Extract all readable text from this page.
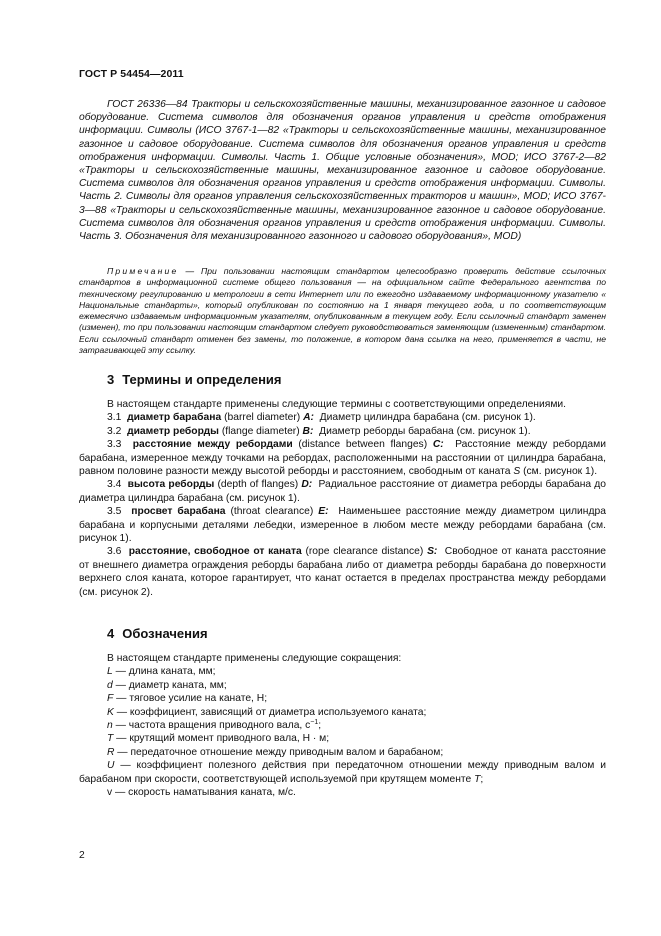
ГОСТ Р 54454—2011
ГОСТ 26336—84 Тракторы и сельскохозяйственные машины, механизированное газонное и садовое оборудование. Система символов для обозначения органов управления и средств отображения информации. Символы (ИСО 3767-1—82 «Тракторы и сельскохозяйственные машины, механизированное газонное и садовое оборудование. Система символов для обозначения органов управления и средств отображения информации. Символы. Часть 1. Общие условные обозначения», MOD; ИСО 3767-2—82 «Тракторы и сельскохозяйственные машины, механизированное газонное и садовое оборудование. Система символов для обозначения органов управления и средств отображения информации. Символы. Часть 2. Символы для органов управления сельскохозяйственных тракторов и машин», MOD; ИСО 3767-3—88 «Тракторы и сельскохозяйственные машины, механизированное газонное и садовое оборудование. Система символов для обозначения органов управления и средств отображения информации. Символы. Часть 3. Обозначения для механизированного газонного и садового оборудования», MOD)
Примечание — При пользовании настоящим стандартом целесообразно проверить действие ссылочных стандартов в информационной системе общего пользования — на официальном сайте Федерального агентства по техническому регулированию и метрологии в сети Интернет или по ежегодно издаваемому информационному указателю « Национальные стандарты», который опубликован по состоянию на 1 января текущего года, и по соответствующим ежемесячно издаваемым информационным указателям, опубликованным в текущем году. Если ссылочный стандарт заменен (изменен), то при пользовании настоящим стандартом следует руководствоваться заменяющим (измененным) стандартом. Если ссылочный стандарт отменен без замены, то положение, в котором дана ссылка на него, применяется в части, не затрагивающей эту ссылку.
3 Термины и определения

В настоящем стандарте применены следующие термины с соответствующими определениями.

3.1 диаметр барабана (barrel diameter) A: Диаметр цилиндра барабана (см. рисунок 1).

3.2 диаметр реборды (flange diameter) B: Диаметр реборды барабана (см. рисунок 1).

3.3 расстояние между ребордами (distance between flanges) C: Расстояние между ребордами барабана, измеренное между точками на ребордах, расположенными на расстоянии от цилиндра барабана, равном половине разности между высотой реборды и расстоянием, свободным от каната S (см. рисунок 1).

3.4 высота реборды (depth of flanges) D: Радиальное расстояние от диаметра реборды барабана до диаметра цилиндра барабана (см. рисунок 1).

3.5 просвет барабана (throat clearance) E: Наименьшее расстояние между диаметром цилиндра барабана и корпусными деталями лебедки, измеренное в любом месте между ребордами барабана (см. рисунок 1).

3.6 расстояние, свободное от каната (rope clearance distance) S: Свободное от каната расстояние от внешнего диаметра ограждения реборды барабана либо от диаметра реборды барабана до поверхности верхнего слоя каната, которое гарантирует, что канат остается в пределах пространства между ребордами (см. рисунок 2).

4 Обозначения

В настоящем стандарте применены следующие сокращения:

L — длина каната, мм;

d — диаметр каната, мм;

F — тяговое усилие на канате, Н;

K — коэффициент, зависящий от диаметра используемого каната;

n — частота вращения приводного вала, $с^{-1}$;

T — крутящий момент приводного вала, Н · м;

R — передаточное отношение между приводным валом и барабаном;

U — коэффициент полезного действия при передаточном отношении между приводным валом и барабаном при скорости, соответствующей используемой при крутящем моменте T;

v — скорость наматывания каната, м/с.

2
